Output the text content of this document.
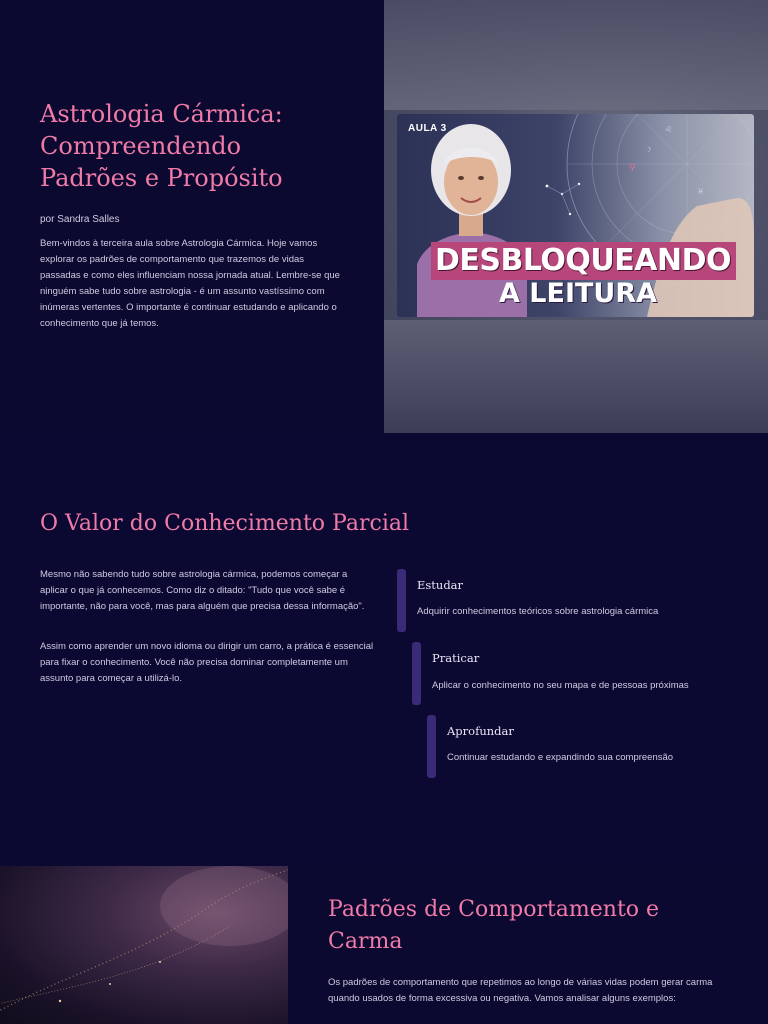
Astrologia Cármica: Compreendendo Padrões e Propósito

por Sandra Salles

Bem-vindos à terceira aula sobre Astrologia Cármica. Hoje vamos explorar os padrões de comportamento que trazemos de vidas passadas e como eles influenciam nossa jornada atual. Lembre-se que ninguém sabe tudo sobre astrologia - é um assunto vastíssimo com inúmeras vertentes. O importante é continuar estudando e aplicando o conhecimento que já temos.

♀
♌
♓
☽
AULA 3
DESBLOQUEANDO
A LEITURA
O Valor do Conhecimento Parcial

Mesmo não sabendo tudo sobre astrologia cármica, podemos começar a aplicar o que já conhecemos. Como diz o ditado: "Tudo que você sabe é importante, não para você, mas para alguém que precisa dessa informação".

Assim como aprender um novo idioma ou dirigir um carro, a prática é essencial para fixar o conhecimento. Você não precisa dominar completamente um assunto para começar a utilizá-lo.

Estudar
Adquirir conhecimentos teóricos sobre astrologia cármica
Praticar
Aplicar o conhecimento no seu mapa e de pessoas próximas
Aprofundar
Continuar estudando e expandindo sua compreensão
Padrões de Comportamento e Carma

Os padrões de comportamento que repetimos ao longo de várias vidas podem gerar carma quando usados de forma excessiva ou negativa. Vamos analisar alguns exemplos:
